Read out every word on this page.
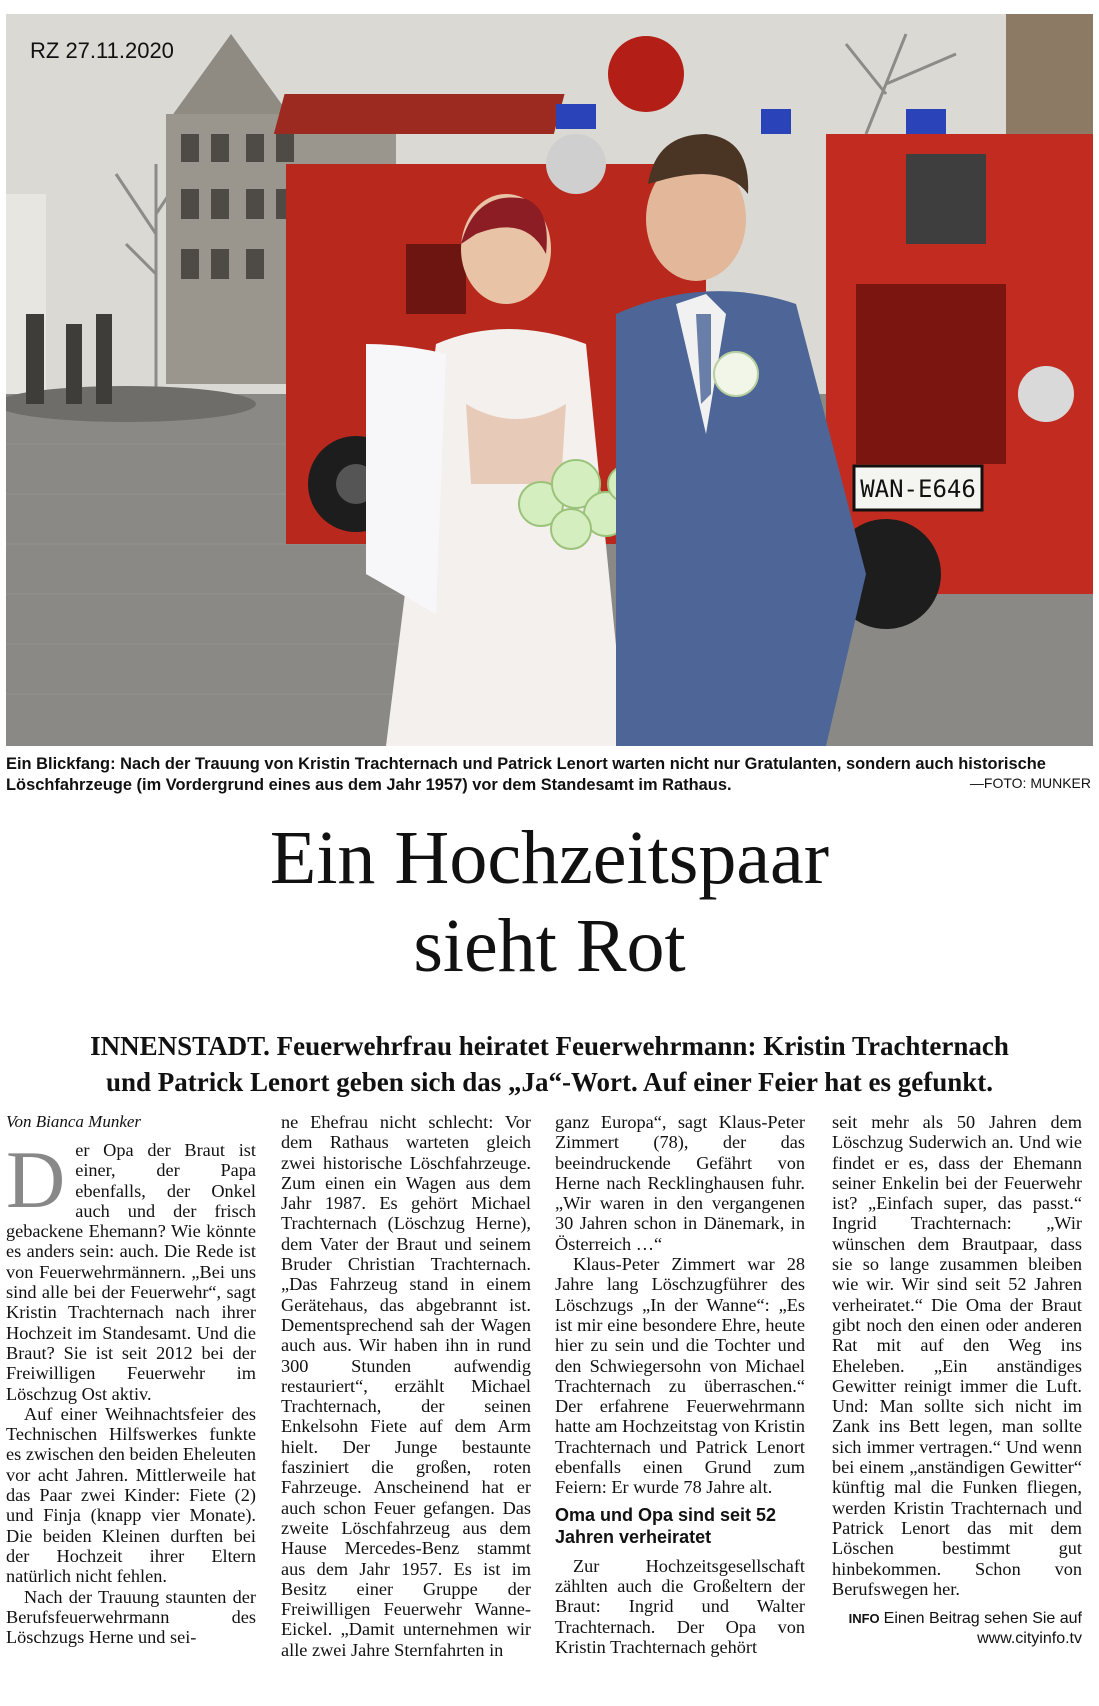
WAN-E646
RZ 27.11.2020
Ein Blickfang: Nach der Trauung von Kristin Trachternach und Patrick Lenort warten nicht nur Gratulanten, sondern auch historische Löschfahrzeuge (im Vordergrund eines aus dem Jahr 1957) vor dem Standesamt im Rathaus.	—FOTO: MUNKER
Ein Hochzeitspaar
sieht Rot
INNENSTADT. Feuerwehrfrau heiratet Feuerwehrmann: Kristin Trachternach
und Patrick Lenort geben sich das „Ja“-Wort. Auf einer Feier hat es gefunkt.
Von Bianca Munker
D er Opa der Braut ist einer, der Papa ebenfalls, der Onkel auch und der frisch gebackene Ehemann? Wie könnte es anders sein: auch. Die Rede ist von Feuerwehrmännern. „Bei uns sind alle bei der Feuerwehr“, sagt Kristin Trachternach nach ihrer Hochzeit im Standesamt. Und die Braut? Sie ist seit 2012 bei der Freiwilligen Feuerwehr im Löschzug Ost aktiv.

Auf einer Weihnachtsfeier des Technischen Hilfswerkes funkte es zwischen den beiden Eheleuten vor acht Jahren. Mittlerweile hat das Paar zwei Kinder: Fiete (2) und Finja (knapp vier Monate). Die beiden Kleinen durften bei der Hochzeit ihrer Eltern natürlich nicht fehlen.

Nach der Trauung staunten der Berufsfeuerwehrmann des Löschzugs Herne und sei-

ne Ehefrau nicht schlecht: Vor dem Rathaus warteten gleich zwei historische Löschfahrzeuge. Zum einen ein Wagen aus dem Jahr 1987. Es gehört Michael Trachternach (Löschzug Herne), dem Vater der Braut und seinem Bruder Christian Trachternach. „Das Fahrzeug stand in einem Gerätehaus, das abgebrannt ist. Dementsprechend sah der Wagen auch aus. Wir haben ihn in rund 300 Stunden aufwendig restauriert“, erzählt Michael Trachternach, der seinen Enkelsohn Fiete auf dem Arm hielt. Der Junge bestaunte fasziniert die großen, roten Fahrzeuge. Anscheinend hat er auch schon Feuer gefangen. Das zweite Löschfahrzeug aus dem Hause Mercedes-Benz stammt aus dem Jahr 1957. Es ist im Besitz einer Gruppe der Freiwilligen Feuerwehr Wanne-Eickel. „Damit unternehmen wir alle zwei Jahre Sternfahrten in

ganz Europa“, sagt Klaus-Peter Zimmert (78), der das beeindruckende Gefährt von Herne nach Recklinghausen fuhr. „Wir waren in den vergangenen 30 Jahren schon in Dänemark, in Österreich …“

Klaus-Peter Zimmert war 28 Jahre lang Löschzugführer des Löschzugs „In der Wanne“: „Es ist mir eine besondere Ehre, heute hier zu sein und die Tochter und den Schwiegersohn von Michael Trachternach zu überraschen.“ Der erfahrene Feuerwehrmann hatte am Hochzeitstag von Kristin Trachternach und Patrick Lenort ebenfalls einen Grund zum Feiern: Er wurde 78 Jahre alt.

Oma und Opa sind seit 52 Jahren verheiratet

Zur Hochzeitsgesellschaft zählten auch die Großeltern der Braut: Ingrid und Walter Trachternach. Der Opa von Kristin Trachternach gehört

seit mehr als 50 Jahren dem Löschzug Suderwich an. Und wie findet er es, dass der Ehemann seiner Enkelin bei der Feuerwehr ist? „Einfach super, das passt.“ Ingrid Trachternach: „Wir wünschen dem Brautpaar, dass sie so lange zusammen bleiben wie wir. Wir sind seit 52 Jahren verheiratet.“ Die Oma der Braut gibt noch den einen oder anderen Rat mit auf den Weg ins Eheleben. „Ein anständiges Gewitter reinigt immer die Luft. Und: Man sollte sich nicht im Zank ins Bett legen, man sollte sich immer vertragen.“ Und wenn bei einem „anständigen Gewitter“ künftig mal die Funken fliegen, werden Kristin Trachternach und Patrick Lenort das mit dem Löschen bestimmt gut hinbekommen. Schon von Berufswegen her.

INFO Einen Beitrag sehen Sie auf www.cityinfo.tv
